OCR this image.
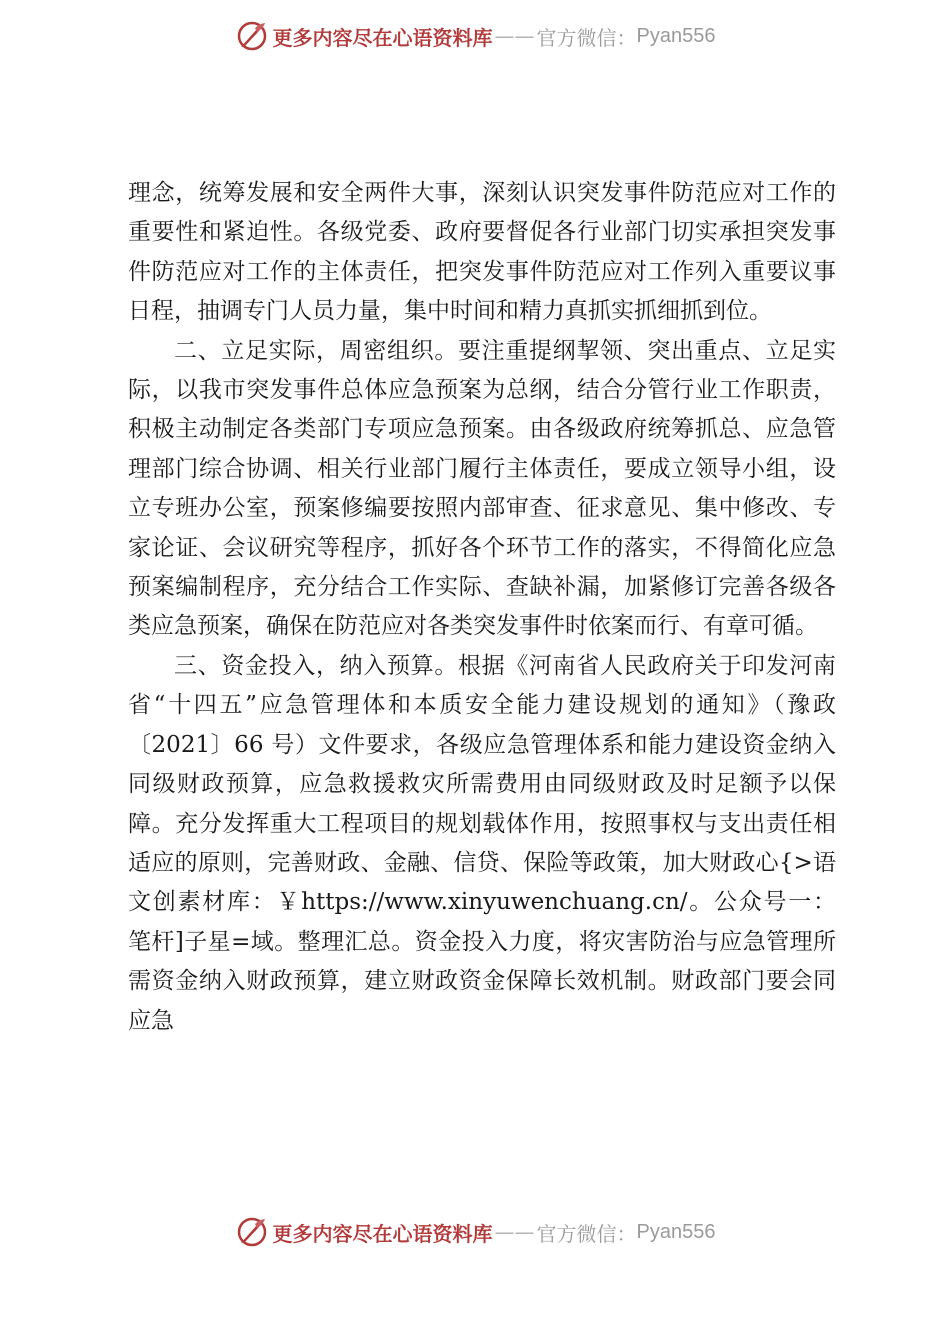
更多内容尽在心语资料库 —— 官方微信： Pyan556

理念，统筹发展和安全两件大事，深刻认识突发事件防范应对工作的重要性和紧迫性。各级党委、政府要督促各行业部门切实承担突发事件防范应对工作的主体责任，把突发事件防范应对工作列入重要议事日程，抽调专门人员力量，集中时间和精力真抓实抓细抓到位。

二、立足实际，周密组织。要注重提纲挈领、突出重点、立足实际，以我市突发事件总体应急预案为总纲，结合分管行业工作职责，积极主动制定各类部门专项应急预案。由各级政府统筹抓总、应急管理部门综合协调、相关行业部门履行主体责任，要成立领导小组，设立专班办公室，预案修编要按照内部审查、征求意见、集中修改、专家论证、会议研究等程序，抓好各个环节工作的落实，不得简化应急预案编制程序，充分结合工作实际、查缺补漏，加紧修订完善各级各类应急预案，确保在防范应对各类突发事件时依案而行、有章可循。

三、资金投入，纳入预算。根据《河南省人民政府关于印发河南省“十四五”应急管理体和本质安全能力建设规划的通知》（豫政〔2021〕66 号）文件要求，各级应急管理体系和能力建设资金纳入同级财政预算，应急救援救灾所需费用由同级财政及时足额予以保障。充分发挥重大工程项目的规划载体作用，按照事权与支出责任相适应的原则，完善财政、金融、信贷、保险等政策，加大财政心{>语文创素材库：￥https://www.xinyuwenchuang.cn/。公众号一：笔杆]子星=域。整理汇总。资金投入力度，将灾害防治与应急管理所需资金纳入财政预算，建立财政资金保障长效机制。财政部门要会同应急

更多内容尽在心语资料库 —— 官方微信： Pyan556
